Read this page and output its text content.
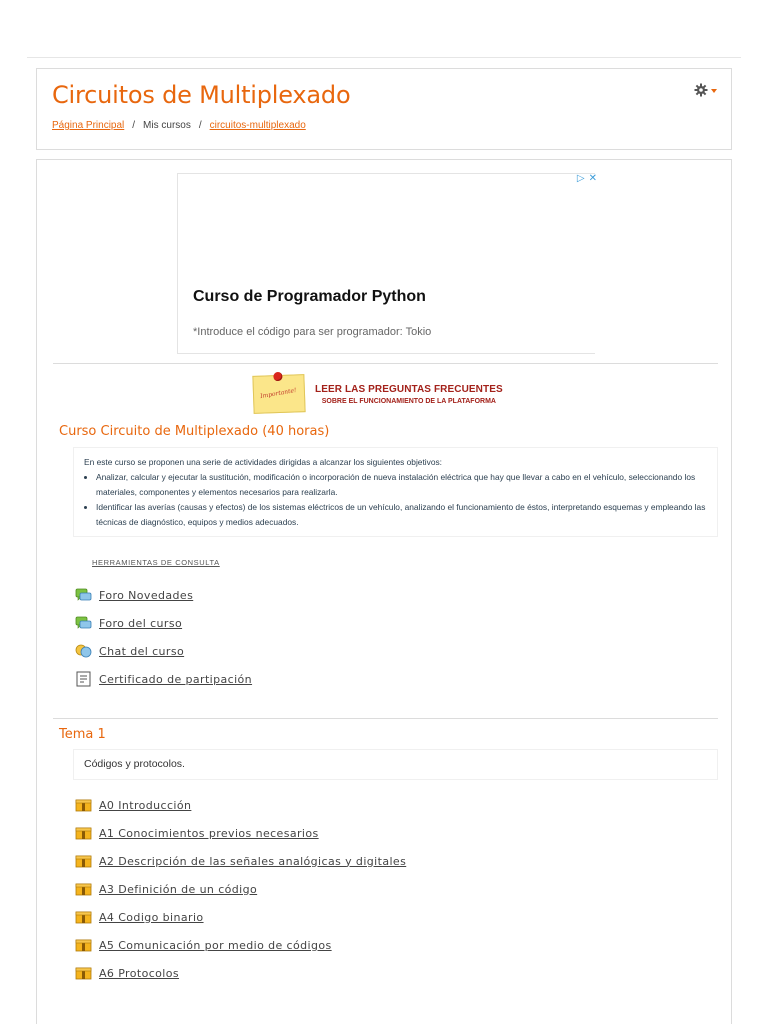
Circuitos de Multiplexado
Página Principal / Mis cursos / circuitos-multiplexado
▷ ✕
Curso de Programador Python
*Introduce el código para ser programador: Tokio
Importante! LEER LAS PREGUNTAS FRECUENTES
SOBRE EL FUNCIONAMIENTO DE LA PLATAFORMA
Curso Circuito de Multiplexado (40 horas)
En este curso se proponen una serie de actividades dirigidas a alcanzar los siguientes objetivos:
• Analizar, calcular y ejecutar la sustitución, modificación o incorporación de nueva instalación eléctrica que hay que llevar a cabo en el vehículo, seleccionando los materiales, componentes y elementos necesarios para realizarla.
• Identificar las averías (causas y efectos) de los sistemas eléctricos de un vehículo, analizando el funcionamiento de éstos, interpretando esquemas y empleando las técnicas de diagnóstico, equipos y medios adecuados.
HERRAMIENTAS DE CONSULTA
Foro Novedades
Foro del curso
Chat del curso
Certificado de partipación
Tema 1
Códigos y protocolos.
A0 Introducción
A1 Conocimientos previos necesarios
A2 Descripción de las señales analógicas y digitales
A3 Definición de un código
A4 Codigo binario
A5 Comunicación por medio de códigos
A6 Protocolos
